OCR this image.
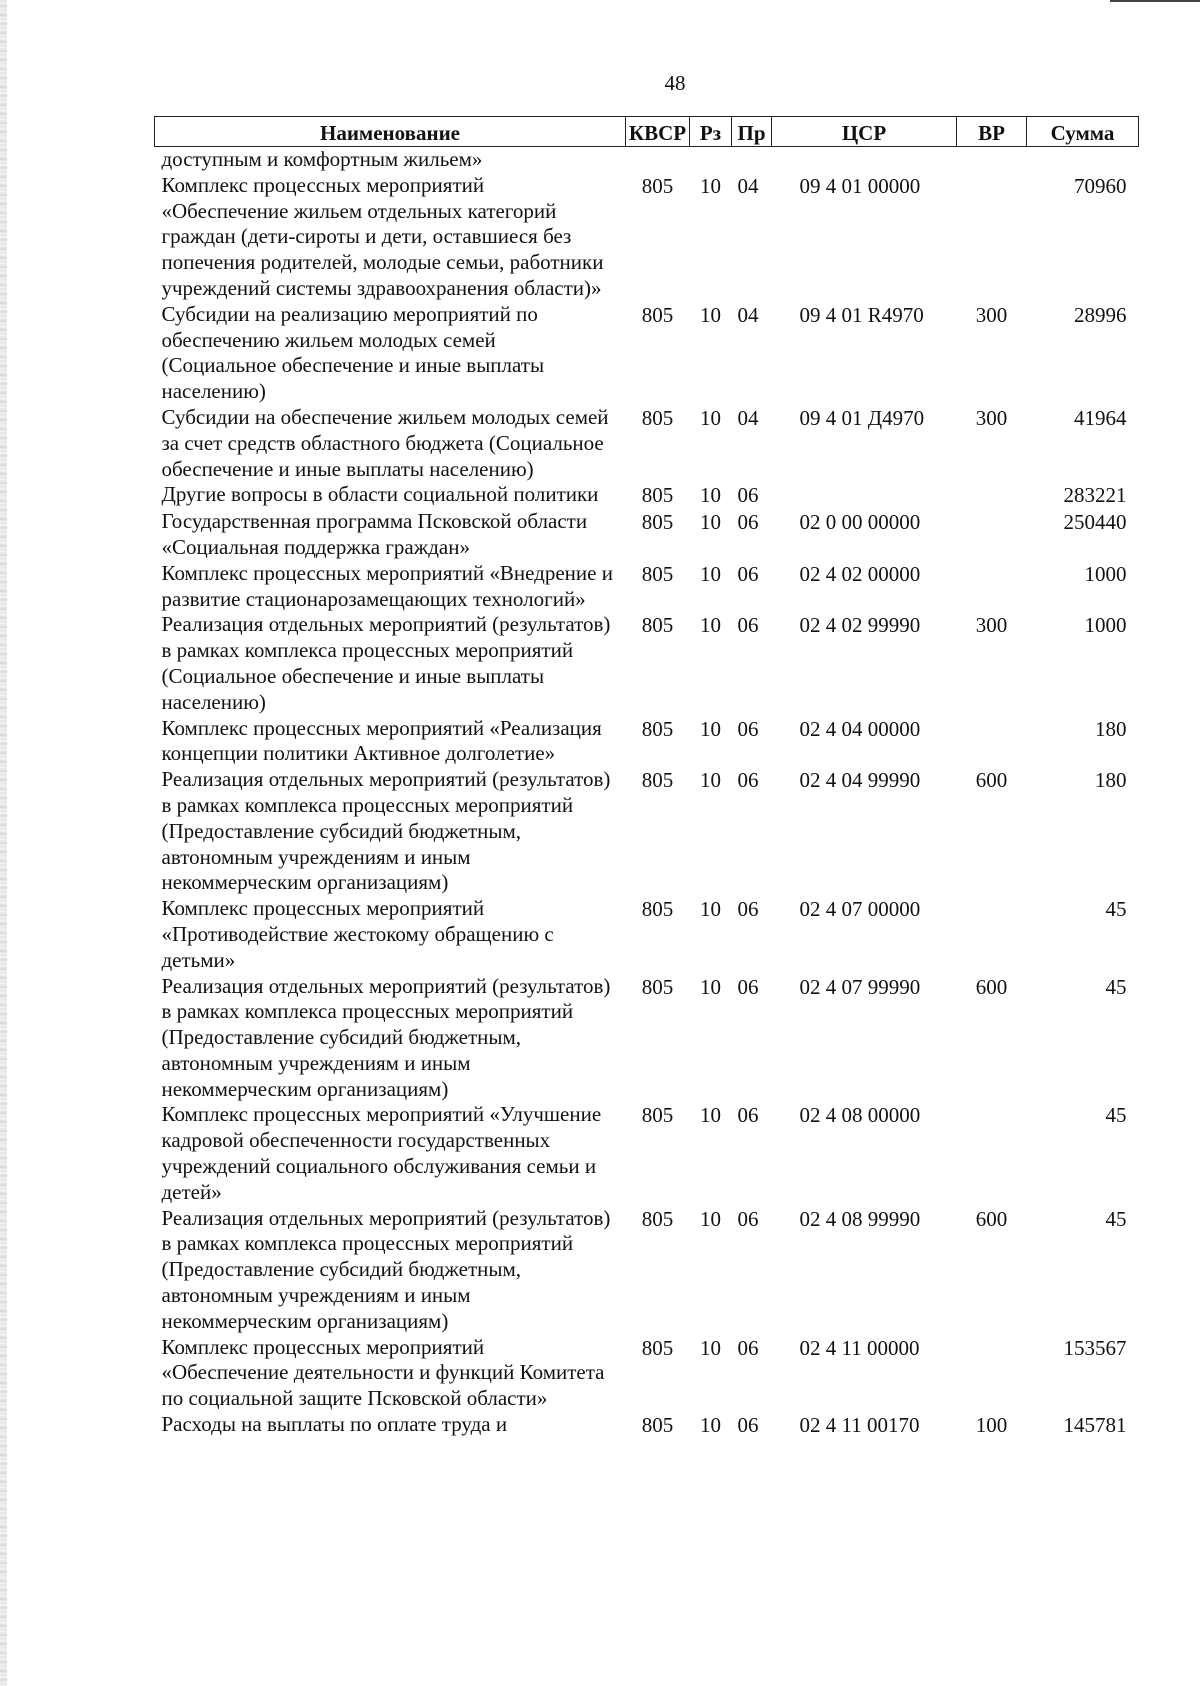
48
Наименование	КВСР	Рз	Пр	ЦСР	ВР	Сумма
доступным и комфортным жильем»						
Комплекс процессных мероприятий «Обеспечение жильем отдельных категорий граждан (дети-сироты и дети, оставшиеся без попечения родителей, молодые семьи, работники учреждений системы здравоохранения области)»	805	10	04	09 4 01 00000		70960
Субсидии на реализацию мероприятий по обеспечению жильем молодых семей (Социальное обеспечение и иные выплаты населению)	805	10	04	09 4 01 R4970	300	28996
Субсидии на обеспечение жильем молодых семей за счет средств областного бюджета (Социальное обеспечение и иные выплаты населению)	805	10	04	09 4 01 Д4970	300	41964
Другие вопросы в области социальной политики	805	10	06			283221
Государственная программа Псковской области «Социальная поддержка граждан»	805	10	06	02 0 00 00000		250440
Комплекс процессных мероприятий «Внедрение и развитие стационарозамещающих технологий»	805	10	06	02 4 02 00000		1000
Реализация отдельных мероприятий (результатов) в рамках комплекса процессных мероприятий (Социальное обеспечение и иные выплаты населению)	805	10	06	02 4 02 99990	300	1000
Комплекс процессных мероприятий «Реализация концепции политики Активное долголетие»	805	10	06	02 4 04 00000		180
Реализация отдельных мероприятий (результатов) в рамках комплекса процессных мероприятий (Предоставление субсидий бюджетным, автономным учреждениям и иным некоммерческим организациям)	805	10	06	02 4 04 99990	600	180
Комплекс процессных мероприятий «Противодействие жестокому обращению с детьми»	805	10	06	02 4 07 00000		45
Реализация отдельных мероприятий (результатов) в рамках комплекса процессных мероприятий (Предоставление субсидий бюджетным, автономным учреждениям и иным некоммерческим организациям)	805	10	06	02 4 07 99990	600	45
Комплекс процессных мероприятий «Улучшение кадровой обеспеченности государственных учреждений социального обслуживания семьи и детей»	805	10	06	02 4 08 00000		45
Реализация отдельных мероприятий (результатов) в рамках комплекса процессных мероприятий (Предоставление субсидий бюджетным, автономным учреждениям и иным некоммерческим организациям)	805	10	06	02 4 08 99990	600	45
Комплекс процессных мероприятий «Обеспечение деятельности и функций Комитета по социальной защите Псковской области»	805	10	06	02 4 11 00000		153567
Расходы на выплаты по оплате труда и	805	10	06	02 4 11 00170	100	145781
